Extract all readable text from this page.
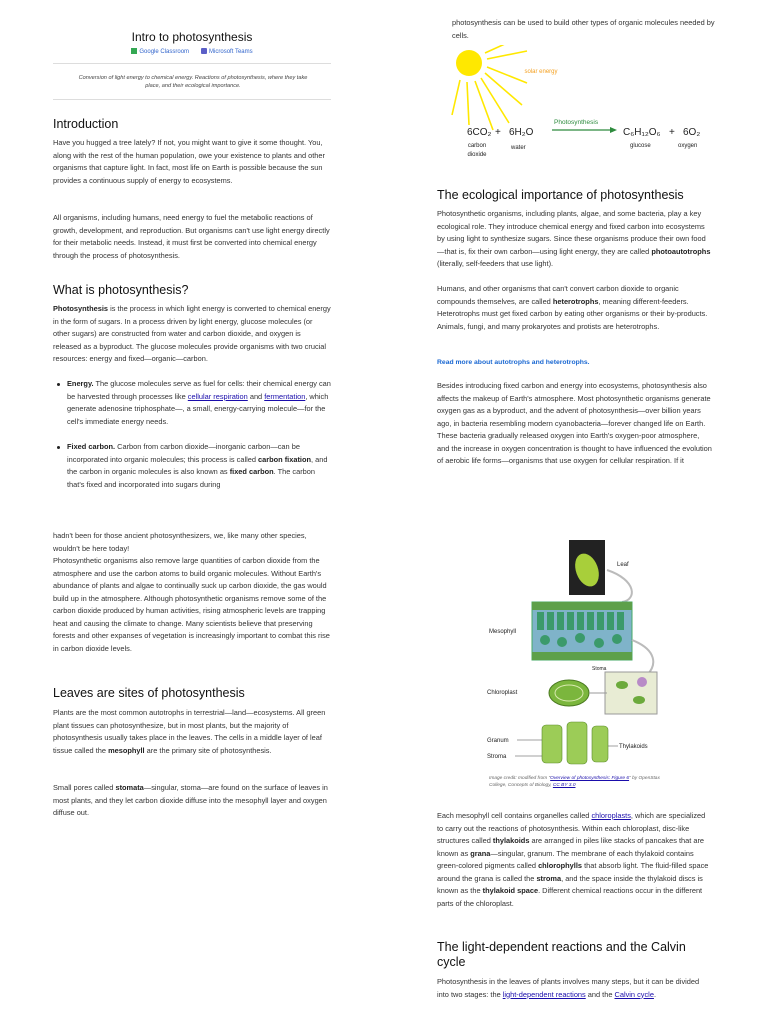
Intro to photosynthesis
Google Classroom	Microsoft Teams
Conversion of light energy to chemical energy. Reactions of photosynthesis, where they take place, and their ecological importance.
Introduction

Have you hugged a tree lately? If not, you might want to give it some thought. You, along with the rest of the human population, owe your existence to plants and other organisms that capture light. In fact, most life on Earth is possible because the sun provides a continuous supply of energy to ecosystems.

All organisms, including humans, need energy to fuel the metabolic reactions of growth, development, and reproduction. But organisms can't use light energy directly for their metabolic needs. Instead, it must first be converted into chemical energy through the process of photosynthesis.

What is photosynthesis?

Photosynthesis is the process in which light energy is converted to chemical energy in the form of sugars. In a process driven by light energy, glucose molecules (or other sugars) are constructed from water and carbon dioxide, and oxygen is released as a byproduct. The glucose molecules provide organisms with two crucial resources: energy and fixed—organic—carbon.

Energy. The glucose molecules serve as fuel for cells: their chemical energy can be harvested through processes like cellular respiration and fermentation, which generate adenosine triphosphate—, a small, energy-carrying molecule—for the cell's immediate energy needs.
Fixed carbon. Carbon from carbon dioxide—inorganic carbon—can be incorporated into organic molecules; this process is called carbon fixation, and the carbon in organic molecules is also known as fixed carbon. The carbon that's fixed and incorporated into sugars during

hadn't been for those ancient photosynthesizers, we, like many other species, wouldn't be here today!

Photosynthetic organisms also remove large quantities of carbon dioxide from the atmosphere and use the carbon atoms to build organic molecules. Without Earth's abundance of plants and algae to continually suck up carbon dioxide, the gas would build up in the atmosphere. Although photosynthetic organisms remove some of the carbon dioxide produced by human activities, rising atmospheric levels are trapping heat and causing the climate to change. Many scientists believe that preserving forests and other expanses of vegetation is increasingly important to combat this rise in carbon dioxide levels.

Leaves are sites of photosynthesis

Plants are the most common autotrophs in terrestrial—land—ecosystems. All green plant tissues can photosynthesize, but in most plants, but the majority of photosynthesis usually takes place in the leaves. The cells in a middle layer of leaf tissue called the mesophyll are the primary site of photosynthesis.

Small pores called stomata—singular, stoma—are found on the surface of leaves in most plants, and they let carbon dioxide diffuse into the mesophyll layer and oxygen diffuse out.

photosynthesis can be used to build other types of organic molecules needed by cells.

solar energy
Photosynthesis
6CO₂ + 6H₂O	C₆H₁₂O₆ + 6O₂
carbon dioxide
water	glucose	oxygen
The ecological importance of photosynthesis

Photosynthetic organisms, including plants, algae, and some bacteria, play a key ecological role. They introduce chemical energy and fixed carbon into ecosystems by using light to synthesize sugars. Since these organisms produce their own food—that is, fix their own carbon—using light energy, they are called photoautotrophs (literally, self-feeders that use light).

Humans, and other organisms that can't convert carbon dioxide to organic compounds themselves, are called heterotrophs, meaning different-feeders. Heterotrophs must get fixed carbon by eating other organisms or their by-products. Animals, fungi, and many prokaryotes and protists are heterotrophs.

Read more about autotrophs and heterotrophs.

Besides introducing fixed carbon and energy into ecosystems, photosynthesis also affects the makeup of Earth's atmosphere. Most photosynthetic organisms generate oxygen gas as a byproduct, and the advent of photosynthesis—over billion years ago, in bacteria resembling modern cyanobacteria—forever changed life on Earth. These bacteria gradually released oxygen into Earth's oxygen-poor atmosphere, and the increase in oxygen concentration is thought to have influenced the evolution of aerobic life forms—organisms that use oxygen for cellular respiration. If it

Leaf
Mesophyll
Stoma
Chloroplast
Granum
Stroma
Thylakoids
Image credit: modified from "Overview of photosynthesis: Figure 6" by OpenStax College, Concepts of Biology, CC BY 3.0

Each mesophyll cell contains organelles called chloroplasts, which are specialized to carry out the reactions of photosynthesis. Within each chloroplast, disc-like structures called thylakoids are arranged in piles like stacks of pancakes that are known as grana—singular, granum. The membrane of each thylakoid contains green-colored pigments called chlorophylls that absorb light. The fluid-filled space around the grana is called the stroma, and the space inside the thylakoid discs is known as the thylakoid space. Different chemical reactions occur in the different parts of the chloroplast.

The light-dependent reactions and the Calvin cycle

Photosynthesis in the leaves of plants involves many steps, but it can be divided into two stages: the light-dependent reactions and the Calvin cycle.
